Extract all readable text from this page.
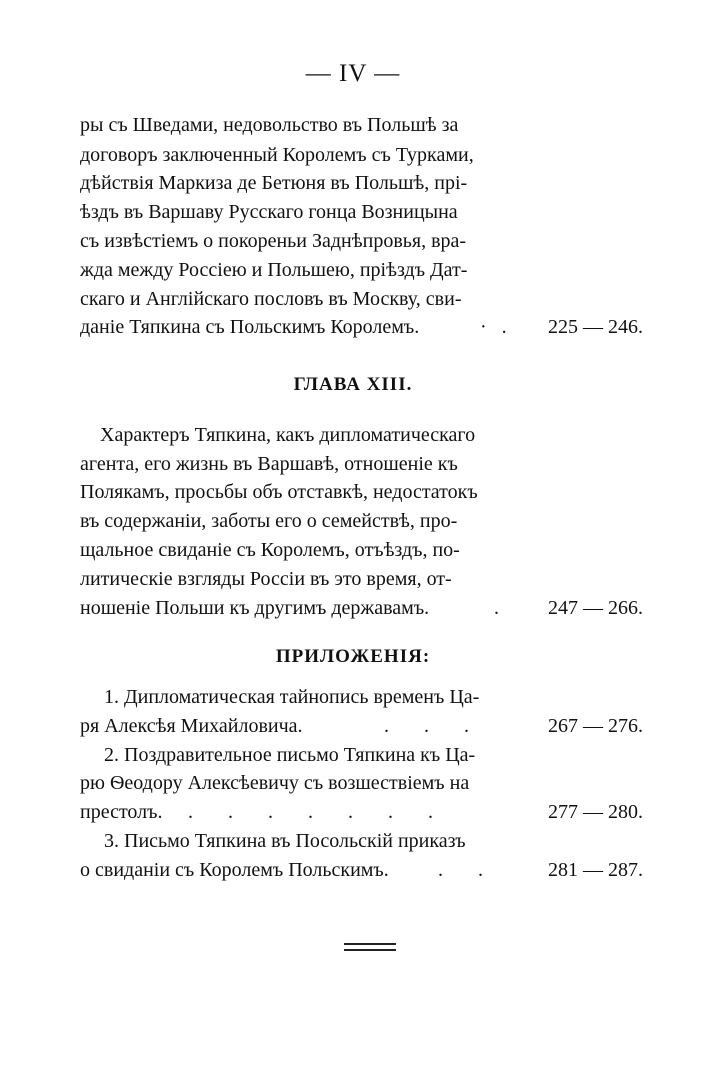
— IV —
ры съ Шведами, недовольство въ Польшѣ за
договоръ заключенный Королемъ съ Турками,
дѣйствія Маркиза де Бетюня въ Польшѣ, прі-
ѣздъ въ Варшаву Русскаго гонца Возницына
съ извѣстіемъ о покореньи Заднѣпровья, вра-
жда между Россіею и Польшею, пріѣздъ Дат-
скаго и Англійскаго пословъ въ Москву, сви-
даніе Тяпкина съ Польскимъ Королемъ.	·   . 225 — 246.
ГЛАВА XIII.
Характеръ Тяпкина, какъ дипломатическаго
агента, его жизнь въ Варшавѣ, отношеніе къ
Полякамъ, просьбы объ отставкѣ, недостатокъ
въ содержаніи, заботы его о семействѣ, про-
щальное свиданіе съ Королемъ, отъѣздъ, по-
литическіе взгляды Россіи въ это время, от-
ношеніе Польши къ другимъ державамъ.	. 247 — 266.
ПРИЛОЖЕНІЯ:
1. Дипломатическая тайнопись временъ Ца-
ря Алексѣя Михайловича.	.       .       .	267 — 276.
2. Поздравительное письмо Тяпкина къ Ца-
рю Ѳеодору Алексѣевичу съ возшествіемъ на
престолъ. .       .       .       .       .       .       .	277 — 280.
3. Письмо Тяпкина въ Посольскій приказъ
о свиданіи съ Королемъ Польскимъ. .       .	281 — 287.
